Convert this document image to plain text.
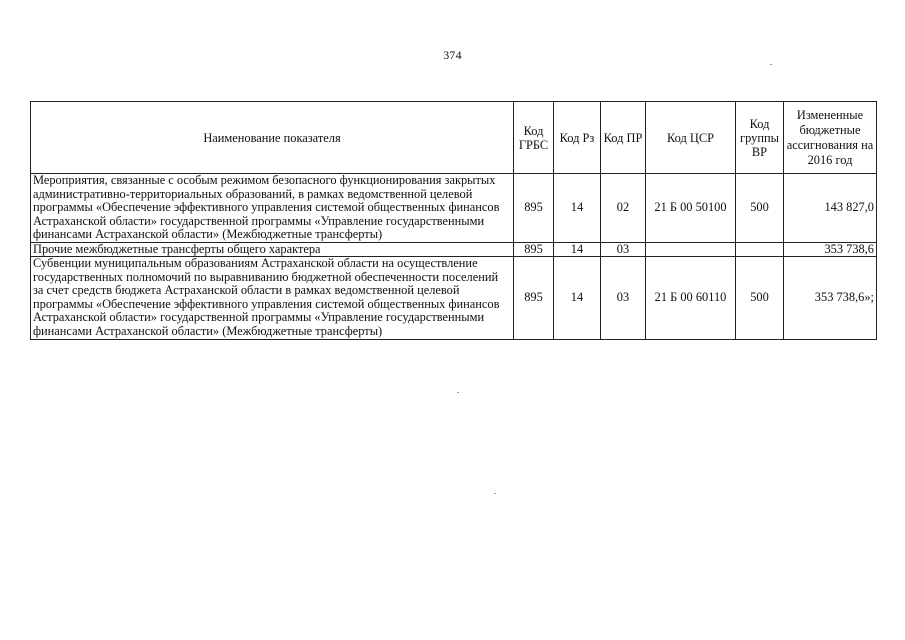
374
Наименование показателя	Код ГРБС	Код Рз	Код ПР	Код ЦСР	Код группы ВР	Измененные бюджетные ассигнования на 2016 год
Мероприятия, связанные с особым режимом безопасного функционирования закрытых административно-территориальных образований, в рамках ведомственной целевой программы «Обеспечение эффективного управления системой общественных финансов Астраханской области» государственной программы «Управление государственными финансами Астраханской области» (Межбюджетные трансферты)	895	14	02	21 Б 00 50100	500	143 827,0
Прочие межбюджетные трансферты общего характера	895	14	03			353 738,6
Субвенции муниципальным образованиям Астраханской области на осуществление государственных полномочий по выравниванию бюджетной обеспеченности поселений за счет средств бюджета Астраханской области в рамках ведомственной целевой программы «Обеспечение эффективного управления системой общественных финансов Астраханской области» государственной программы «Управление государственными финансами Астраханской области» (Межбюджетные трансферты)	895	14	03	21 Б 00 60110	500	353 738,6»;
